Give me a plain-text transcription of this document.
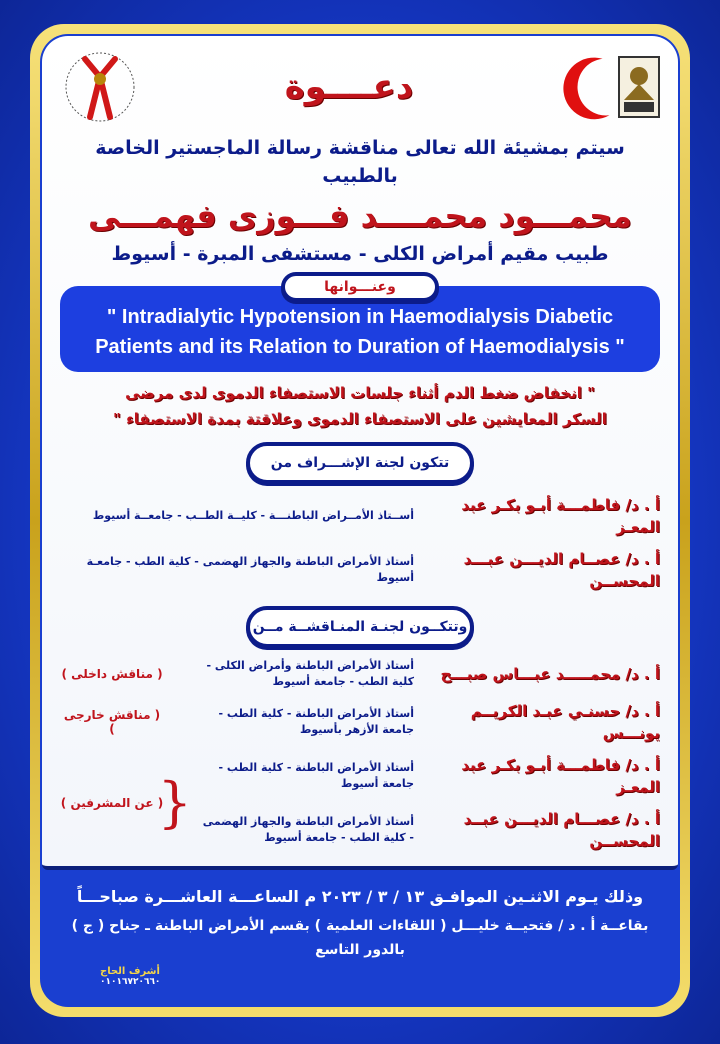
دعــــوة
سيتم بمشيئة الله تعالى مناقشة رسالة الماجستير الخاصة بالطبيب
محمـــود محمــــد فـــوزى فهمـــى
طبيب مقيم أمراض الكلى - مستشفى المبرة - أسيوط
" Intradialytic Hypotension in Haemodialysis Diabetic
Patients and its Relation to Duration of Haemodialysis "
وعنـــوانها
" انخفاض ضغط الدم أثناء جلسات الاستصفاء الدموى لدى مرضى
السكر المعايشين على الاستصفاء الدموى وعلاقتة بمدة الاستصفاء "
تتكون لجنة الإشـــراف من
أ . د/ فاطمـــة أبـو بكـر عبد المعـز
أســتاذ الأمــراض الباطنـــة - كليــة الطــب - جامعــة أسيوط
أ . د/ عصــام الديـــن عبـــد المحســن
أستاذ الأمراض الباطنة والجهاز الهضمى - كلية الطب - جامعـة أسيوط
وتتكــون لجنـة المنـاقشــة مــن
أ . د/ محمـــــد عبـــاس صبـــح
أستاذ الأمراض الباطنة وأمراض الكلى - كلية الطب - جامعة أسيوط
( مناقش داخلى )
أ . د/ حسنـي عبـد الكريــم يونـــس
أستاذ الأمراض الباطنة - كلية الطب - جامعة الأزهر بأسيوط
( مناقش خارجى )
أ . د/ فاطمـــة أبـو بكـر عبد المعـز
أستاذ الأمراض الباطنة - كلية الطب - جامعة أسيوط
أ . د/ عصـــام الديـــن عبــد المحســن
أستاذ الأمراض الباطنة والجهاز الهضمى - كلية الطب - جامعة أسيوط
{
( عن المشرفين )
وذلك يـوم الاثنـين الموافـق ١٣ / ٣ / ٢٠٢٣ م الساعـــة العاشـــرة صباحـــاً
بقاعــة أ . د / فتحيــة خليـــل ( اللقاءات العلمية ) بقسم الأمراض الباطنة ـ جناح ( ج ) بالدور التاسع
أشرف الحاج
٠١٠١٦٧٢٠٦٦٠
